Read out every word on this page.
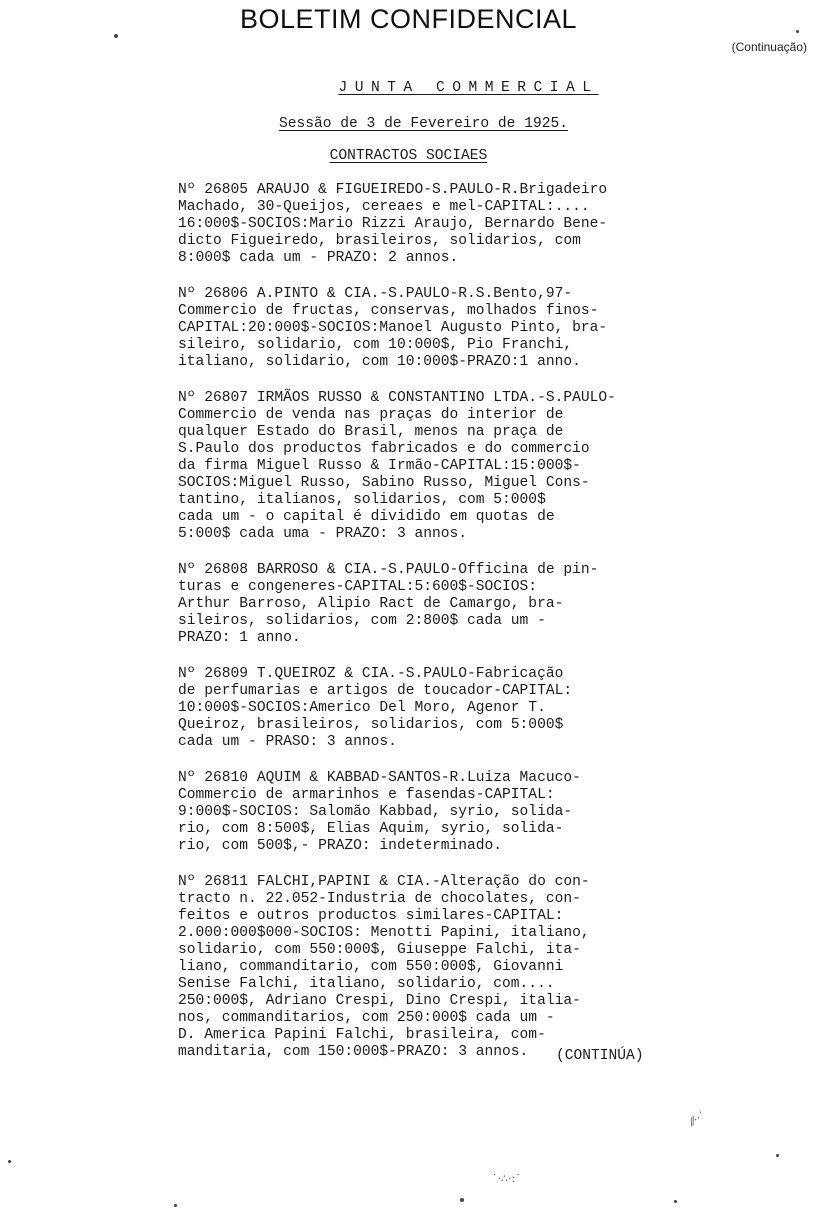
BOLETIM CONFIDENCIAL
(Continuação)
JUNTA COMMERCIAL
Sessão de 3 de Fevereiro de 1925.
CONTRACTOS SOCIAES
Nº 26805 ARAUJO & FIGUEIREDO-S.PAULO-R.Brigadeiro
Machado, 30-Queijos, cereaes e mel-CAPITAL:....
16:000$-SOCIOS:Mario Rizzi Araujo, Bernardo Bene-
dicto Figueiredo, brasileiros, solidarios, com
8:000$ cada um - PRAZO: 2 annos.
Nº 26806 A.PINTO & CIA.-S.PAULO-R.S.Bento,97-
Commercio de fructas, conservas, molhados finos-
CAPITAL:20:000$-SOCIOS:Manoel Augusto Pinto, bra-
sileiro, solidario, com 10:000$, Pio Franchi,
italiano, solidario, com 10:000$-PRAZO:1 anno.
Nº 26807 IRMÃOS RUSSO & CONSTANTINO LTDA.-S.PAULO-
Commercio de venda nas praças do interior de
qualquer Estado do Brasil, menos na praça de
S.Paulo dos productos fabricados e do commercio
da firma Miguel Russo & Irmão-CAPITAL:15:000$-
SOCIOS:Miguel Russo, Sabino Russo, Miguel Cons-
tantino, italianos, solidarios, com 5:000$
cada um - o capital é dividido em quotas de
5:000$ cada uma - PRAZO: 3 annos.
Nº 26808 BARROSO & CIA.-S.PAULO-Officina de pin-
turas e congeneres-CAPITAL:5:600$-SOCIOS:
Arthur Barroso, Alipio Ract de Camargo, bra-
sileiros, solidarios, com 2:800$ cada um -
PRAZO: 1 anno.
Nº 26809 T.QUEIROZ & CIA.-S.PAULO-Fabricação
de perfumarias e artigos de toucador-CAPITAL:
10:000$-SOCIOS:Americo Del Moro, Agenor T.
Queiroz, brasileiros, solidarios, com 5:000$
cada um - PRASO: 3 annos.
Nº 26810 AQUIM & KABBAD-SANTOS-R.Luiza Macuco-
Commercio de armarinhos e fasendas-CAPITAL:
9:000$-SOCIOS: Salomão Kabbad, syrio, solida-
rio, com 8:500$, Elias Aquim, syrio, solida-
rio, com 500$,- PRAZO: indeterminado.
Nº 26811 FALCHI,PAPINI & CIA.-Alteração do con-
tracto n. 22.052-Industria de chocolates, con-
feitos e outros productos similares-CAPITAL:
2.000:000$000-SOCIOS: Menotti Papini, italiano,
solidario, com 550:000$, Giuseppe Falchi, ita-
liano, commanditario, com 550:000$, Giovanni
Senise Falchi, italiano, solidario, com....
250:000$, Adriano Crespi, Dino Crespi, italia-
nos, commanditarios, com 250:000$ cada um -
D. America Papini Falchi, brasileira, com-
manditaria, com 150:000$-PRAZO: 3 annos.	(CONTINÚA)
⁄⁄··˙
˙·∴·:˙
